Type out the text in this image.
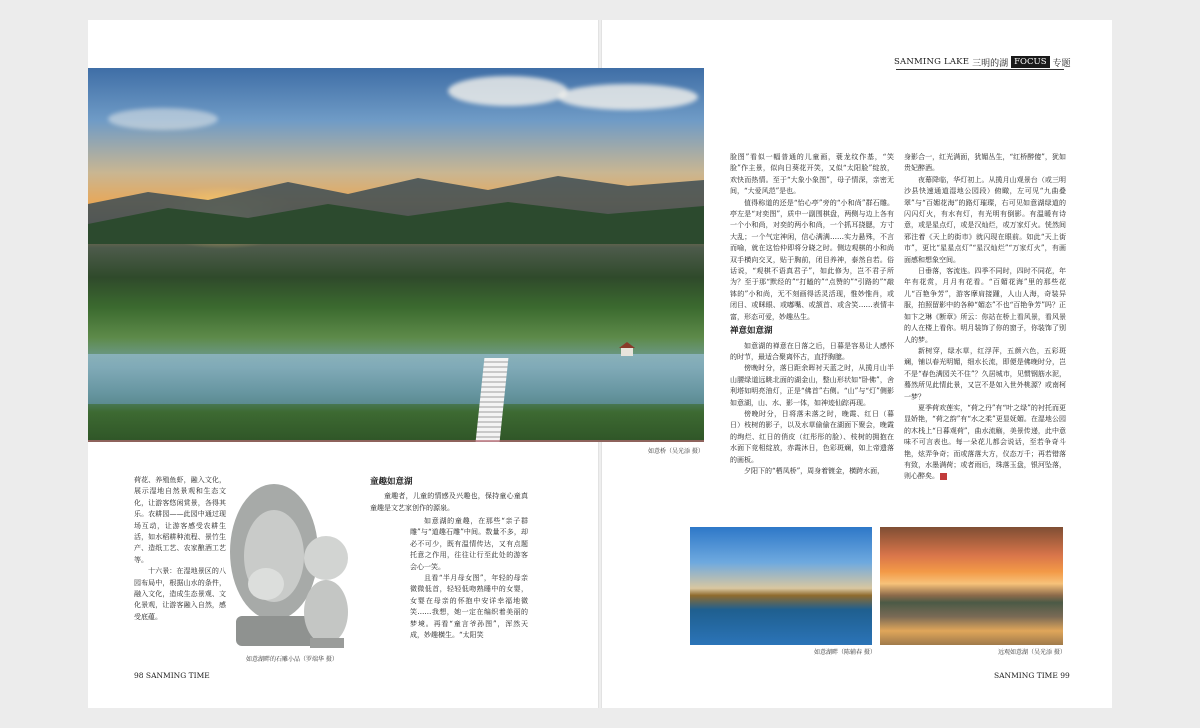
SANMING LAKE 三明的湖 FOCUS 专题
如意桥（吴光添 摄）
如意湖畔的石雕小品（罗端华 摄）
如意湖畔（陈辅春 摄）	远观如意湖（吴光添 摄）

荷花、养殖鱼虾，融入文化，展示湿地自然景观和生态文化，让游客悠闲赏景，各得其乐。农耕园——此园中通过现场互动，让游客感受农耕生活，如水稻耕种流程、景竹生产、造纸工艺、农家酿酒工艺等。

十六景：在湿地景区的八园布局中，根据山水的条件，融入文化，造成生态景观、文化景观，让游客融入自然，感受底蕴。

童趣如意湖

童趣者，儿童的情感及兴趣也，保持童心童真童趣是文艺家创作的源泉。

如意湖的童趣，在那些“亲子群雕”与“道趣石雕”中间。数量不多，却必不可少，既有温情传达，又有点题托意之作用，往往让行至此处的游客会心一笑。

且看“半月母女图”，年轻的母亲微微低首，轻轻低吻熟睡中的女婴，女婴在母亲的怀抱中安详幸福地微笑……我想，她一定在编织着美丽的梦境。再看“童言爷孙图”，浑然天成，妙趣横生。“太阳笑

脸图”看似一幅普通的儿童画，蓑龙纹作基，“笑脸”作主景，似向日葵花开笑，又似“太阳脸”绽放，欢快而热情。至于“大象小象图”，母子情深，亲密无间，“大爱风范”是也。

值得称道的还是“怡心亭”旁的“小和尚”群石雕。亭左是“对奕图”，质中一副围棋盘，两侧与边上各有一个小和尚，对奕的两小和尚，一个抓耳挠腮，方寸大乱；一个气定神闲，信心满满……实力悬殊，不言而喻，就在这怡仲即将分晓之时。侧边观棋的小和尚双手横向交叉，贴于胸前，闭目养神，泰然自若。俗话说，“观棋不语真君子”，如此修为，岂不君子所为？至于那“默经的”“打瞌的”“点赞的”“引路的”“敲钵的”小和尚，无不刻画得活灵活现，惟妙惟肖，或闭目、或眯眼、或嘟嘴、或颔首、或含笑……表情丰富，形态可爱，妙趣丛生。

禅意如意湖

如意湖的禅意在日落之后，日暮是容易让人感怀的时节，最适合聚离怀古，直抒胸臆。

傍晚时分，落日距余晖衬天蓝之时，从揽月山半山腰绿道远眺北面的湖金山，整山形状如“卧佛”，舍利塔如明亮油灯，正是“佛首”右侧。“山”与“灯”侧影如意湖，山、水、影一体，如神迹仙踪再现。

傍晚时分，日将落未落之时，晚霞、红日（暮日）枝树的影子，以及水草偷偷在湖面下聚会，晚霞的绚烂、红日的俏皮（红彤彤的脸）、枝树的拥抱在水面下竞相绽放，赤霞沐日，色彩斑斓，如上帝遗落的画板。

夕阳下的“栖凤桥”，周身着镀金，横跨水面，

身影合一，红光满面，犹媚丛生，“红桥醉傻”，犹如贵妃醉酒。

夜幕降临，华灯初上。从揽月山观景台（或三明沙县快速通道湿地公园段）俯瞰，左可见“九曲叠翠”与“百媚花海”的路灯璀璨，右可见如意湖绿道的闪闪灯火，有水有灯，有光明有倒影。有温暖有诗意，或是星点灯，或是汉灿烂，或万家灯火。恍然间邪注着《天上的街市》就闪现在眼前。如此“天上街市”，更比“星星点灯”“星汉灿烂”“万家灯火”，有画面感和想象空间。

日垂落，客流连。四季不同时，四时不同花，年年有花赏，月月有花看。“百媚花海”里的那些花儿“百艳争芳”，游客摩肩接踵，人山人海，奇装异服，拍照留影中的各种“媚态”不也“百艳争芳”吗？正如卞之琳《断章》所云：你站在桥上看风景，看风景的人在楼上看你。明月装饰了你的窗子，你装饰了别人的梦。

新树穿，绿水草，红浮萍，五颜六色，五彩斑斓，铺以春光明媚，细水长流，即便是佛晚时分，岂不是“春色满园关不住”？久居城市，见惯钢筋水泥，蓦然所见此情此景，又岂不是如入世外桃源？或南柯一梦？

夏季荷欢莲实，“荷之丹”有“叶之绿”的衬托而更显娇艳，“荷之韵”有“水之柔”更显妩媚。在湿地公园的木栈上“日暮观荷”，曲水流觞，美景传递，此中意味不可言表也。每一朵花儿都会说话，至若争奇斗艳，炫弄争奇；而或落落大方，仪态万千；再若错落有致，水墨满荷；或者雨后，珠落玉盘，银河坠落，则心醉矣。

98 SANMING TIME	SANMING TIME 99
